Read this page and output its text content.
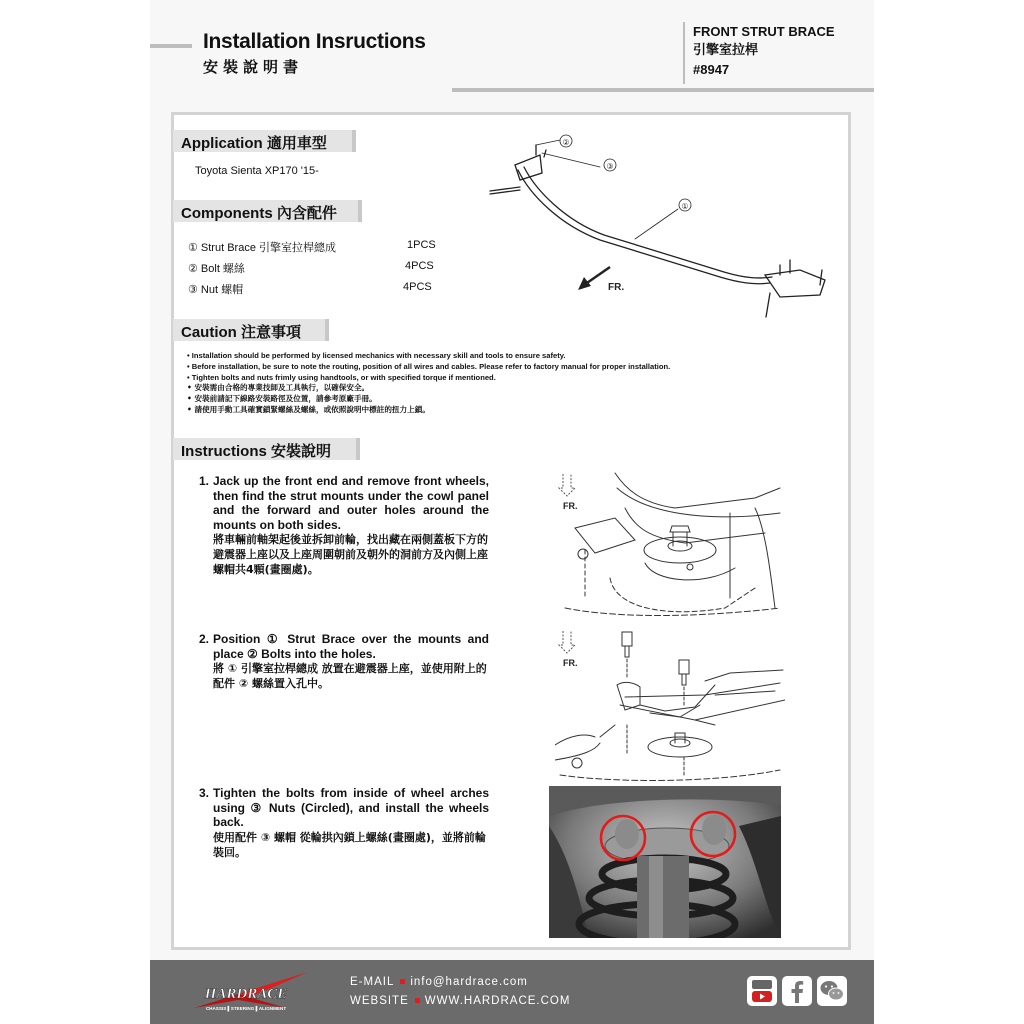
Installation Insructions
安裝說明書
FRONT STRUT BRACE
引擎室拉桿
#8947
Application 適用車型
Toyota Sienta XP170 '15-
Components 內含配件
① Strut Brace 引擎室拉桿總成	1PCS
② Bolt 螺絲	4PCS
③ Nut 螺帽	4PCS
②
③
①
FR.
Caution 注意事項
• Installation should be performed by licensed mechanics with necessary skill and tools to ensure safety.
• Before installation, be sure to note the routing, position of all wires and cables. Please refer to factory manual for proper installation.
• Tighten bolts and nuts frimly using handtools, or with specified torque if mentioned.
• 安裝需由合格的專業技師及工具執行，以確保安全。
• 安裝前請記下線路安裝路徑及位置，請參考原廠手冊。
• 請使用手動工具確實鎖緊螺絲及螺絲，或依照說明中標註的扭力上鎖。
Instructions 安裝說明
1. Jack up the front end and remove front wheels, then find the strut mounts under the cowl panel and the forward and outer holes around the mounts on both sides.
將車輛前軸架起後並拆卸前輪，找出藏在兩側蓋板下方的避震器上座以及上座周圍朝前及朝外的洞前方及內側上座螺帽共4顆(畫圈處)。
2. Position ① Strut Brace over the mounts and place ② Bolts into the holes.
將 ① 引擎室拉桿總成 放置在避震器上座，並使用附上的配件 ② 螺絲置入孔中。
3. Tighten the bolts from inside of wheel arches using ③ Nuts (Circled), and install the wheels back.
使用配件 ③ 螺帽 從輪拱內鎖上螺絲(畫圈處)，並將前輪裝回。
FR.
FR.
HARDRACE
CHASSIS ▌STEERING ▌ALIGNMENT
E-MAIL info@hardrace.com
WEBSITE WWW.HARDRACE.COM
